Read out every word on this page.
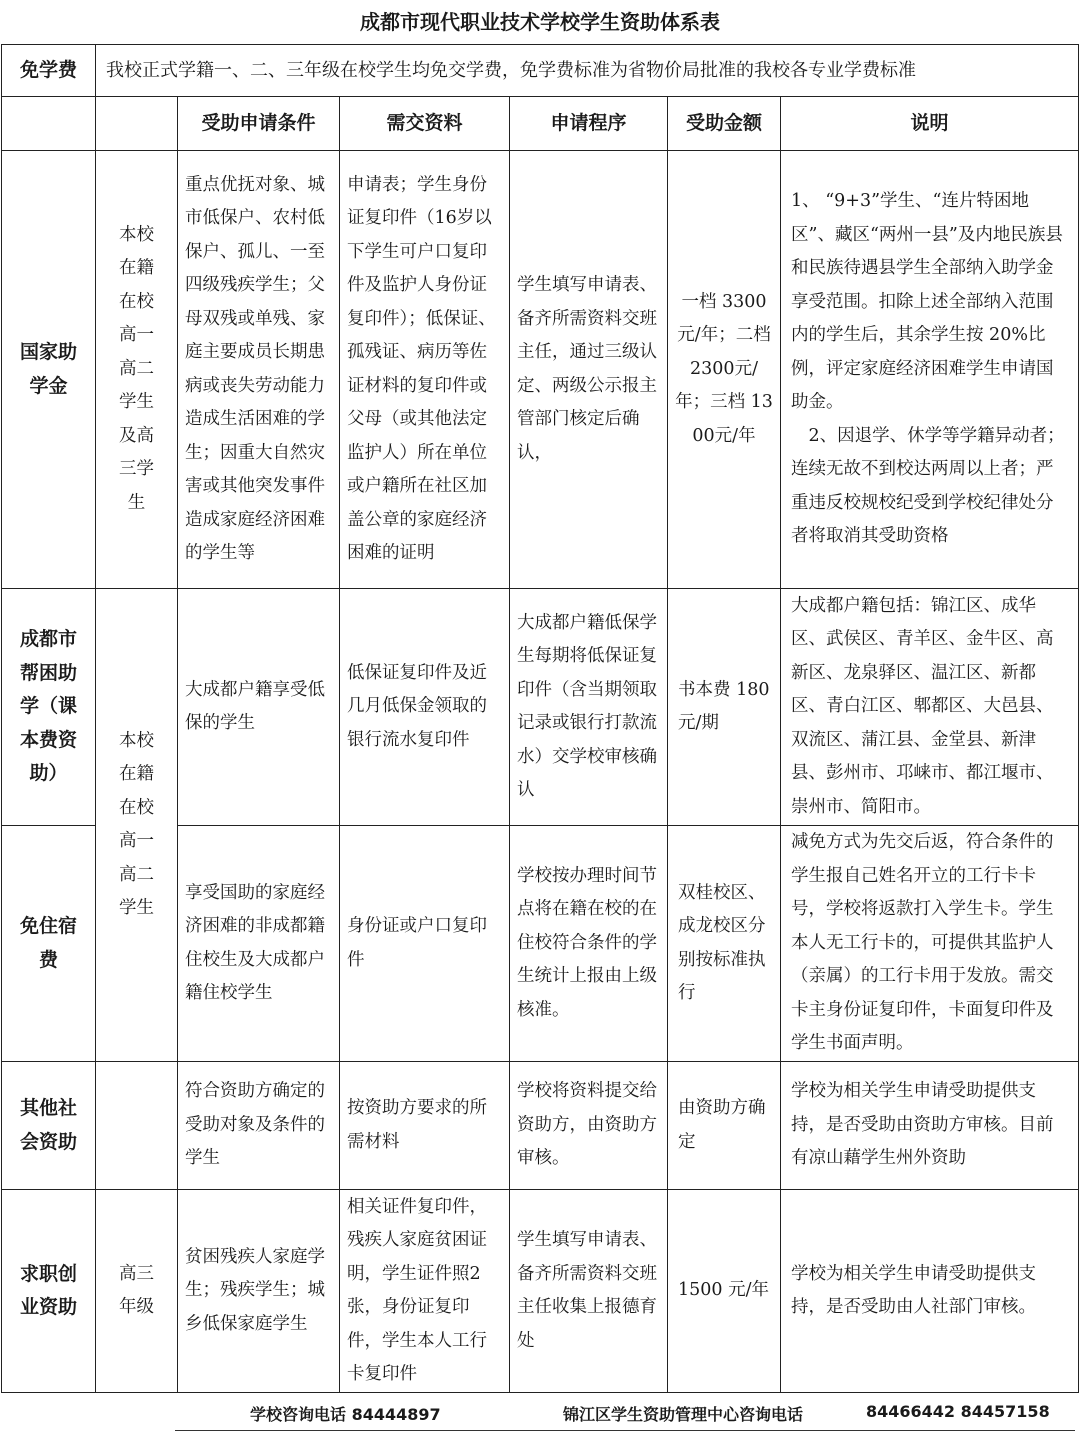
成都市现代职业技术学校学生资助体系表
免学费	我校正式学籍一、二、三年级在校学生均免交学费，免学费标准为省物价局批准的我校各专业学费标准					
		受助申请条件	需交资料	申请程序	受助金额	说明
国家助学金	本校在籍在校高一高二学生及高三学生	重点优抚对象、城市低保户、农村低保户、孤儿、一至四级残疾学生；父母双残或单残、家庭主要成员长期患病或丧失劳动能力造成生活困难的学生；因重大自然灾害或其他突发事件造成家庭经济困难的学生等	申请表；学生身份证复印件（16岁以下学生可户口复印件及监护人身份证复印件）；低保证、孤残证、病历等佐证材料的复印件或父母（或其他法定监护人）所在单位或户籍所在社区加盖公章的家庭经济困难的证明	学生填写申请表、备齐所需资料交班主任，通过三级认定、两级公示报主管部门核定后确认，	一档 3300元/年；二档 2300元/年；三档 1300元/年	1、 “9+3”学生、“连片特困地区”、藏区“两州一县”及内地民族县和民族待遇县学生全部纳入助学金享受范围。扣除上述全部纳入范围内的学生后，其余学生按 20%比例，评定家庭经济困难学生申请国助金。
2、因退学、休学等学籍异动者；连续无故不到校达两周以上者；严重违反校规校纪受到学校纪律处分者将取消其受助资格

成都市帮困助学（课本费资助）	本校在籍在校高一高二学生	大成都户籍享受低保的学生	低保证复印件及近几月低保金领取的银行流水复印件	大成都户籍低保学生每期将低保证复印件（含当期领取记录或银行打款流水）交学校审核确认	书本费 180元/期	大成都户籍包括：锦江区、成华区、武侯区、青羊区、金牛区、高新区、龙泉驿区、温江区、新都区、青白江区、郫都区、大邑县、双流区、蒲江县、金堂县、新津县、彭州市、邛崃市、都江堰市、崇州市、简阳市。
免住宿费		享受国助的家庭经济困难的非成都籍住校生及大成都户籍住校学生	身份证或户口复印件	学校按办理时间节点将在籍在校的在住校符合条件的学生统计上报由上级核准。	双桂校区、成龙校区分别按标准执行	减免方式为先交后返，符合条件的学生报自己姓名开立的工行卡卡号，学校将返款打入学生卡。学生本人无工行卡的，可提供其监护人（亲属）的工行卡用于发放。需交卡主身份证复印件，卡面复印件及学生书面声明。
其他社会资助		符合资助方确定的受助对象及条件的学生	按资助方要求的所需材料	学校将资料提交给资助方，由资助方审核。	由资助方确定	学校为相关学生申请受助提供支持，是否受助由资助方审核。目前有凉山藉学生州外资助
求职创业资助	高三年级	贫困残疾人家庭学生；残疾学生；城乡低保家庭学生	相关证件复印件，残疾人家庭贫困证明，学生证件照2张，身份证复印件，学生本人工行卡复印件	学生填写申请表、备齐所需资料交班主任收集上报德育处	1500 元/年	学校为相关学生申请受助提供支持，是否受助由人社部门审核。
学校咨询电话 84444897	锦江区学生资助管理中心咨询电话	84466442 84457158
